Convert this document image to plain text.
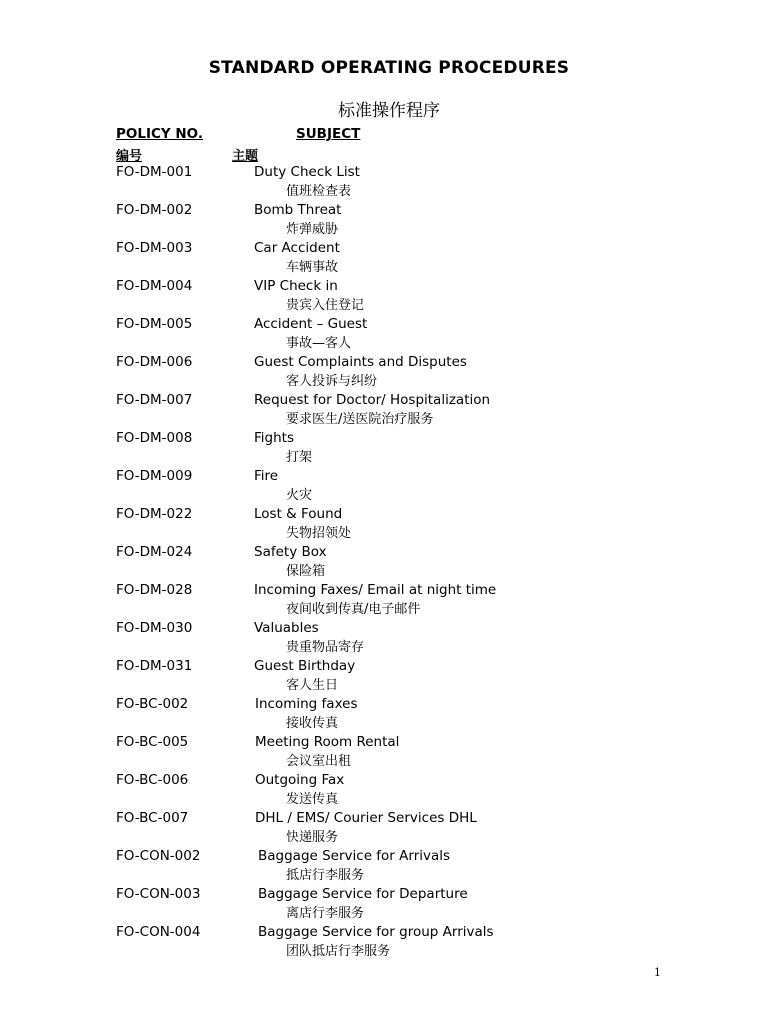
STANDARD OPERATING PROCEDURES
标准操作程序
POLICY NO.	SUBJECT
编号	主题
FO-DM-001	Duty Check List
值班检查表
FO-DM-002	Bomb Threat
炸弹威胁
FO-DM-003	Car Accident
车辆事故
FO-DM-004	VIP Check in
贵宾入住登记
FO-DM-005	Accident – Guest
事故—客人
FO-DM-006	Guest Complaints and Disputes
客人投诉与纠纷
FO-DM-007	Request for Doctor/ Hospitalization
要求医生/送医院治疗服务
FO-DM-008	Fights
打架
FO-DM-009	Fire
火灾
FO-DM-022	Lost & Found
失物招领处
FO-DM-024	Safety Box
保险箱
FO-DM-028	Incoming Faxes/ Email at night time
夜间收到传真/电子邮件
FO-DM-030	Valuables
贵重物品寄存
FO-DM-031	Guest Birthday
客人生日
FO-BC-002	Incoming faxes
接收传真
FO-BC-005	Meeting Room Rental
会议室出租
FO-BC-006	Outgoing Fax
发送传真
FO-BC-007	DHL / EMS/ Courier Services DHL
快递服务
FO-CON-002	Baggage Service for Arrivals
抵店行李服务
FO-CON-003	Baggage Service for Departure
离店行李服务
FO-CON-004	Baggage Service for group Arrivals
团队抵店行李服务
1
